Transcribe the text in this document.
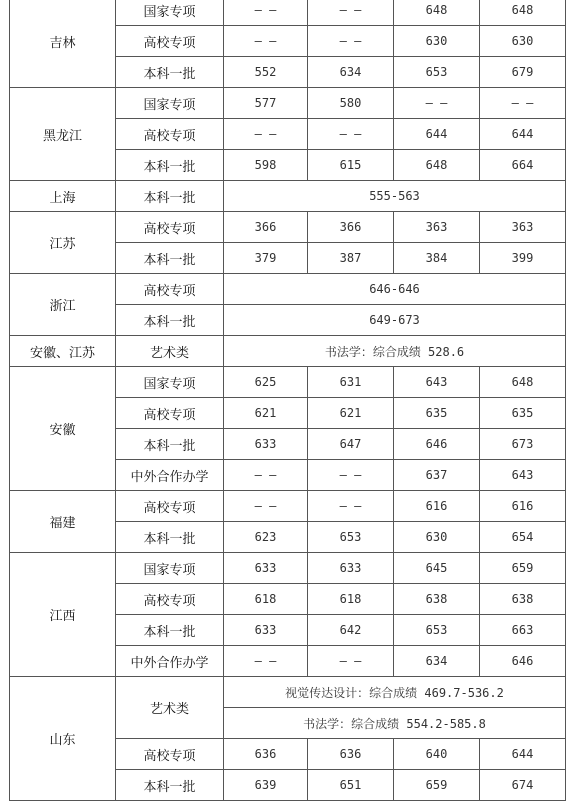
吉林	国家专项	— —	— —	648	648
	高校专项	— —	— —	630	630
	本科一批	552	634	653	679
黑龙江	国家专项	577	580	— —	— —
	高校专项	— —	— —	644	644
	本科一批	598	615	648	664
上海	本科一批	555-563			
江苏	高校专项	366	366	363	363
	本科一批	379	387	384	399
浙江	高校专项	646-646			
	本科一批	649-673			
安徽、江苏	艺术类	书法学：综合成绩 528.6			
安徽	国家专项	625	631	643	648
	高校专项	621	621	635	635
	本科一批	633	647	646	673
	中外合作办学	— —	— —	637	643
福建	高校专项	— —	— —	616	616
	本科一批	623	653	630	654
江西	国家专项	633	633	645	659
	高校专项	618	618	638	638
	本科一批	633	642	653	663
	中外合作办学	— —	— —	634	646
山东	艺术类	视觉传达设计：综合成绩 469.7-536.2			
		书法学：综合成绩 554.2-585.8			
	高校专项	636	636	640	644
	本科一批	639	651	659	674
